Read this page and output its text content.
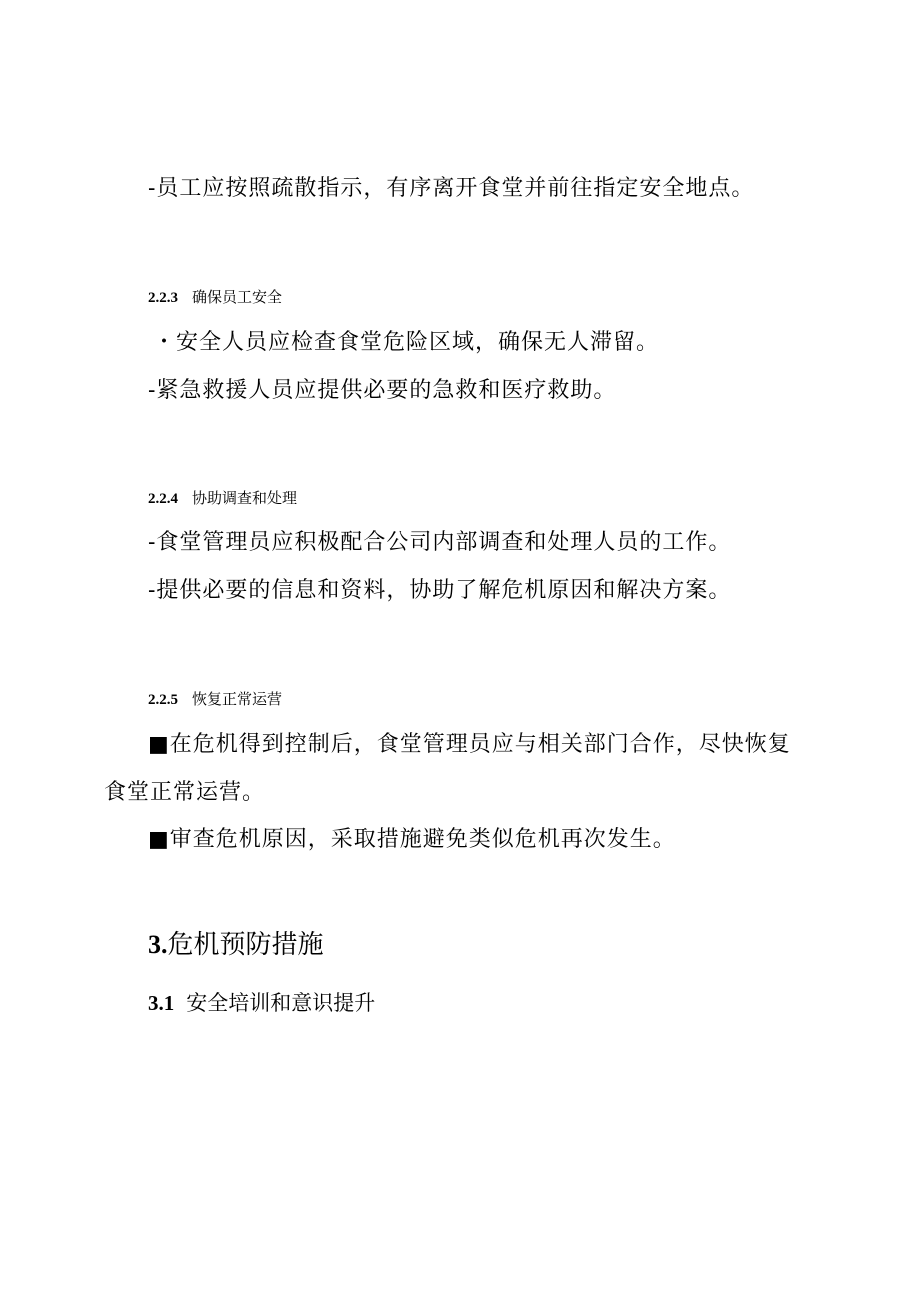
-员工应按照疏散指示，有序离开食堂并前往指定安全地点。

2.2.3 确保员工安全

・安全人员应检查食堂危险区域，确保无人滞留。

-紧急救援人员应提供必要的急救和医疗救助。

2.2.4 协助调查和处理

-食堂管理员应积极配合公司内部调查和处理人员的工作。

-提供必要的信息和资料，协助了解危机原因和解决方案。

2.2.5 恢复正常运营

■在危机得到控制后，食堂管理员应与相关部门合作，尽快恢复

食堂正常运营。

■审查危机原因，采取措施避免类似危机再次发生。

3.危机预防措施
3.1 安全培训和意识提升
